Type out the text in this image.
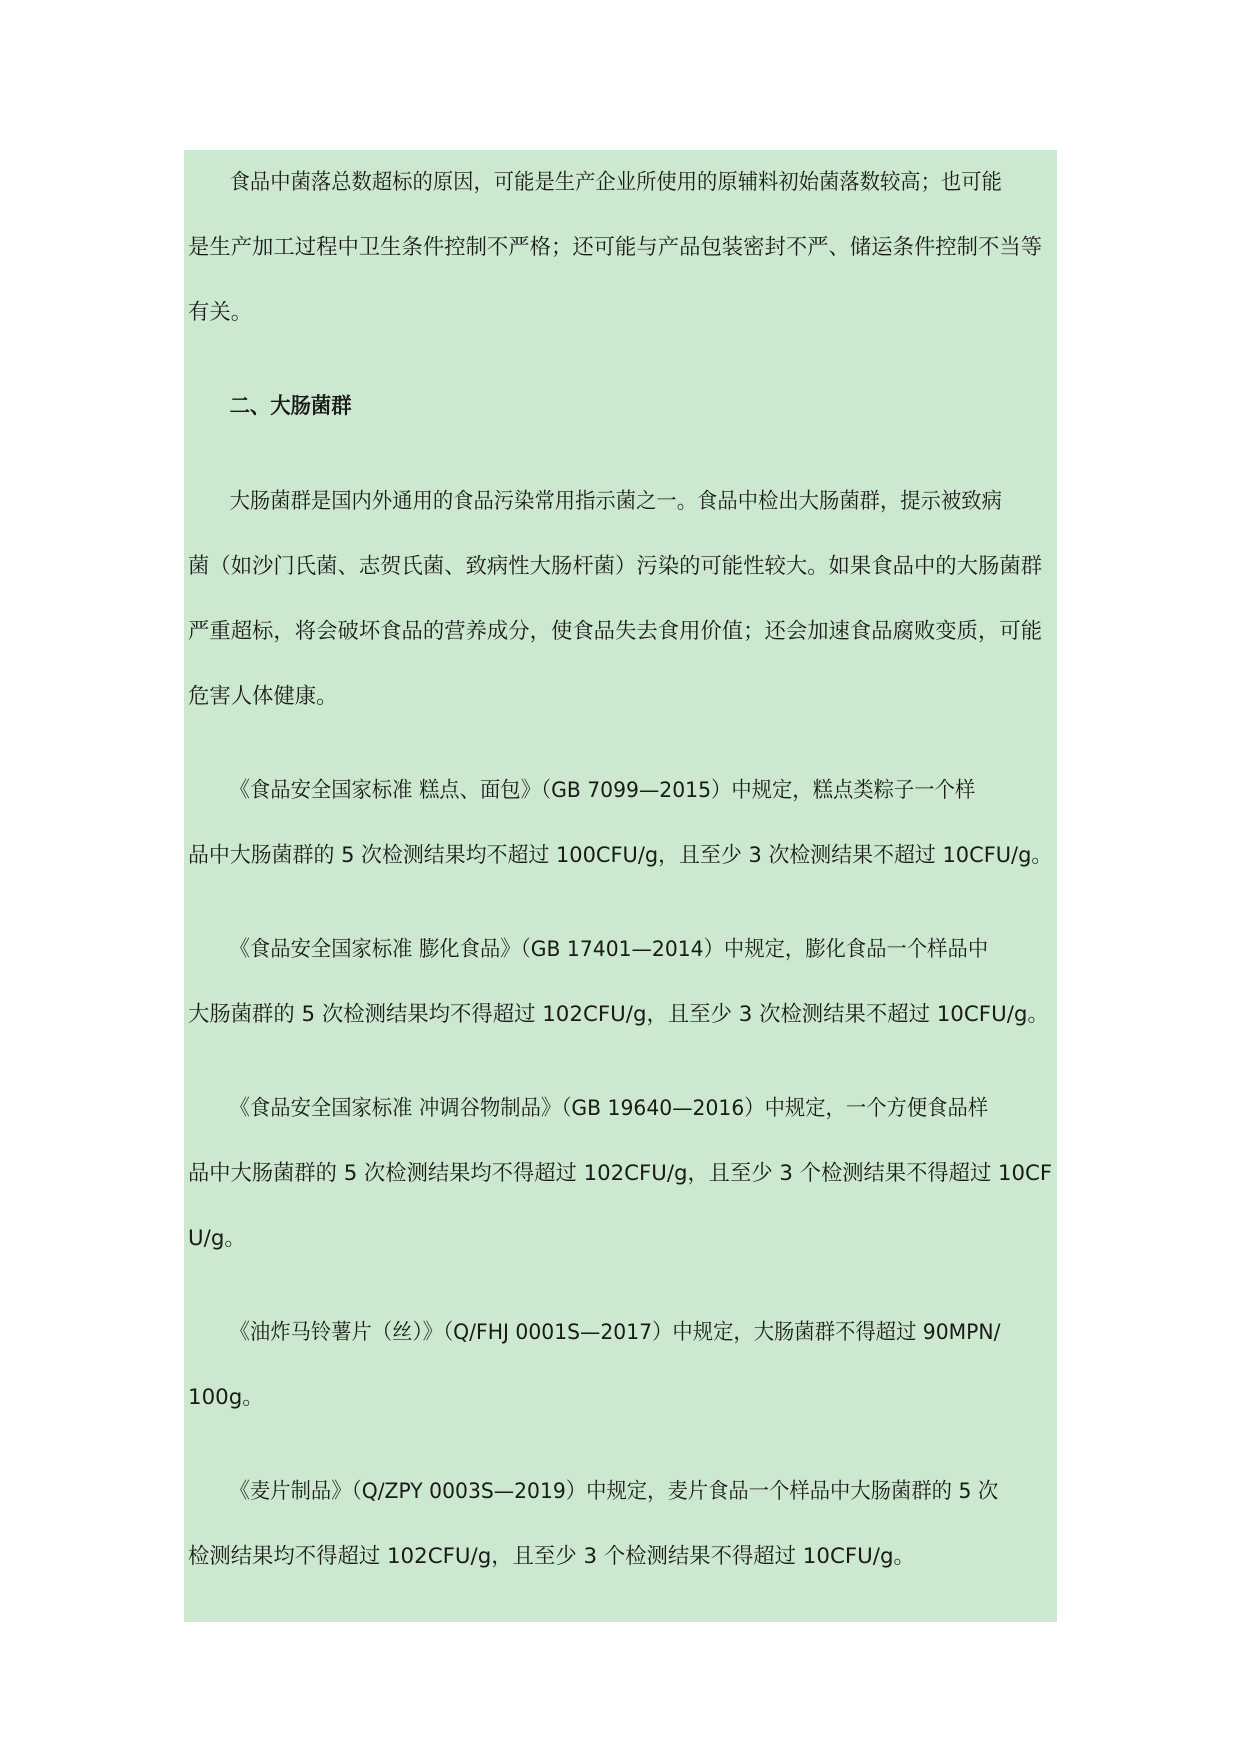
食品中菌落总数超标的原因，可能是生产企业所使用的原辅料初始菌落数较高；也可能
是生产加工过程中卫生条件控制不严格；还可能与产品包装密封不严、储运条件控制不当等
有关。
二、大肠菌群
大肠菌群是国内外通用的食品污染常用指示菌之一。食品中检出大肠菌群，提示被致病
菌（如沙门氏菌、志贺氏菌、致病性大肠杆菌）污染的可能性较大。如果食品中的大肠菌群
严重超标，将会破坏食品的营养成分，使食品失去食用价值；还会加速食品腐败变质，可能
危害人体健康。
《食品安全国家标准 糕点、面包》（GB 7099—2015）中规定，糕点类粽子一个样
品中大肠菌群的 5 次检测结果均不超过 100CFU/g，且至少 3 次检测结果不超过 10CFU/g。
《食品安全国家标准 膨化食品》（GB 17401—2014）中规定，膨化食品一个样品中
大肠菌群的 5 次检测结果均不得超过 102CFU/g，且至少 3 次检测结果不超过 10CFU/g。
《食品安全国家标准 冲调谷物制品》（GB 19640—2016）中规定，一个方便食品样
品中大肠菌群的 5 次检测结果均不得超过 102CFU/g，且至少 3 个检测结果不得超过 10CF
U/g。
《油炸马铃薯片（丝）》（Q/FHJ 0001S—2017）中规定，大肠菌群不得超过 90MPN/
100g。
《麦片制品》（Q/ZPY 0003S—2019）中规定，麦片食品一个样品中大肠菌群的 5 次
检测结果均不得超过 102CFU/g，且至少 3 个检测结果不得超过 10CFU/g。
